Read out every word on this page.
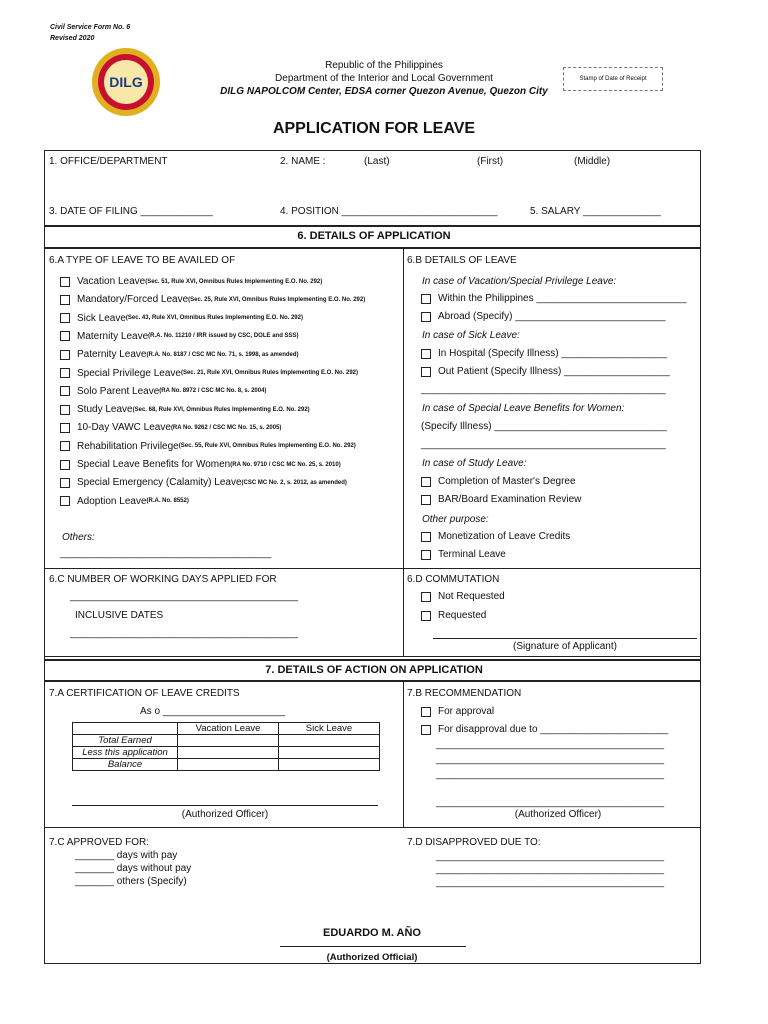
Civil Service Form No. 6
Revised 2020
DILG
Republic of the Philippines
Department of the Interior and Local Government
DILG NAPOLCOM Center, EDSA corner Quezon Avenue, Quezon City
Stamp of Date of Receipt
APPLICATION FOR LEAVE
1. OFFICE/DEPARTMENT	2. NAME :	(Last)	(First)	(Middle)
3. DATE OF FILING _____________	4. POSITION ____________________________	5. SALARY ______________
6. DETAILS OF APPLICATION
6.A TYPE OF LEAVE TO BE AVAILED OF
Vacation Leave (Sec. 51, Rule XVI, Omnibus Rules Implementing E.O. No. 292)
Mandatory/Forced Leave (Sec. 25, Rule XVI, Omnibus Rules Implementing E.O. No. 292)
Sick Leave (Sec. 43, Rule XVI, Omnibus Rules Implementing E.O. No. 292)
Maternity Leave (R.A. No. 11210 / IRR issued by CSC, DOLE and SSS)
Paternity Leave (R.A. No. 8187 / CSC MC No. 71, s. 1998, as amended)
Special Privilege Leave (Sec. 21, Rule XVI, Omnibus Rules Implementing E.O. No. 292)
Solo Parent Leave (RA No. 8972 / CSC MC No. 8, s. 2004)
Study Leave (Sec. 68, Rule XVI, Omnibus Rules Implementing E.O. No. 292)
10-Day VAWC Leave (RA No. 9262 / CSC MC No. 15, s. 2005)
Rehabilitation Privilege (Sec. 55, Rule XVI, Omnibus Rules Implementing E.O. No. 292)
Special Leave Benefits for Women (RA No. 9710 / CSC MC No. 25, s. 2010)
Special Emergency (Calamity) Leave (CSC MC No. 2, s. 2012, as amended)
Adoption Leave (R.A. No. 8552)
Others:
______________________________________
6.B DETAILS OF LEAVE
In case of Vacation/Special Privilege Leave:
Within the Philippines ___________________________
Abroad (Specify) ___________________________
In case of Sick Leave:
In Hospital (Specify Illness) ___________________
Out Patient (Specify Illness) ___________________
____________________________________________
In case of Special Leave Benefits for Women:
(Specify Illness) _______________________________
____________________________________________
In case of Study Leave:
Completion of Master's Degree
BAR/Board Examination Review
Other purpose:
Monetization of Leave Credits
Terminal Leave
6.C NUMBER OF WORKING DAYS APPLIED FOR
_________________________________________
INCLUSIVE DATES
_________________________________________
6.D COMMUTATION
Not Requested
Requested
(Signature of Applicant)
7. DETAILS OF ACTION ON APPLICATION
7.A CERTIFICATION OF LEAVE CREDITS
As o ______________________
	Vacation Leave	Sick Leave
Total Earned		
Less this application		
Balance		
(Authorized Officer)
7.B RECOMMENDATION
For approval
For disapproval due to _______________________
_________________________________________
_________________________________________
_________________________________________
_________________________________________
(Authorized Officer)
7.C APPROVED FOR:
_______ days with pay
_______ days without pay
_______ others (Specify)
7.D DISAPPROVED DUE TO:
_________________________________________
_________________________________________
_________________________________________
EDUARDO M. AÑO
(Authorized Official)
